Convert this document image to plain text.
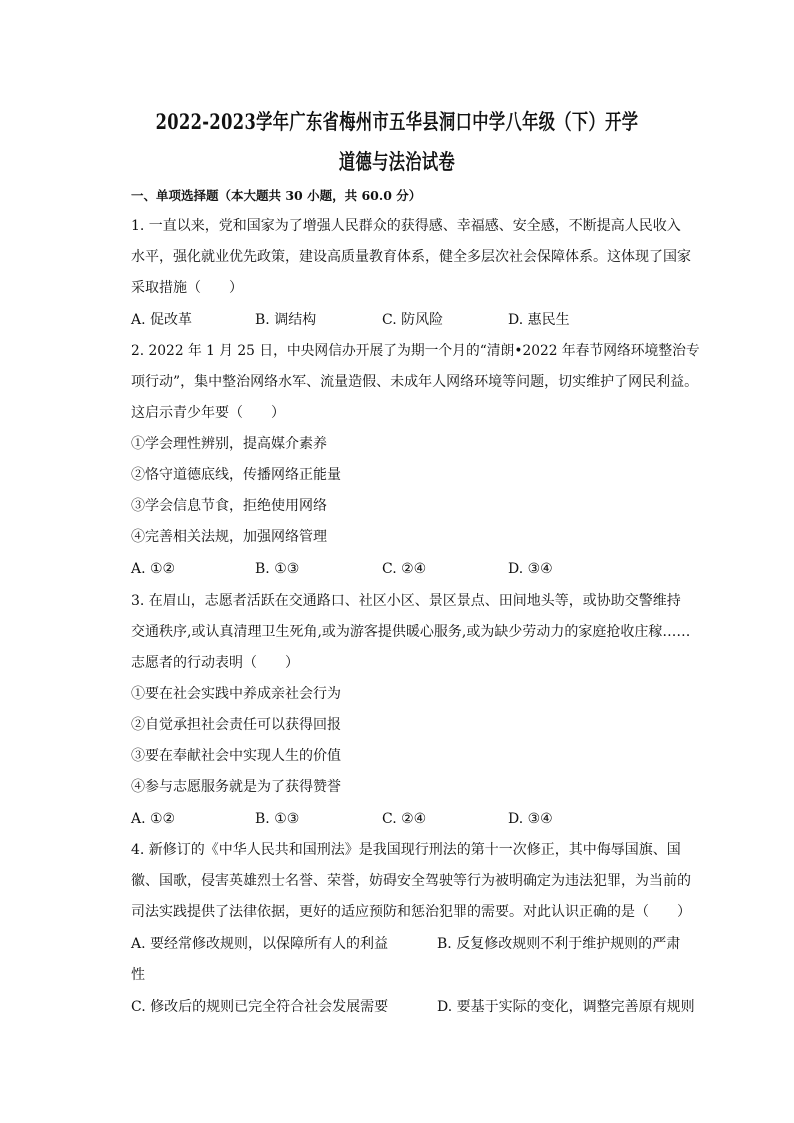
2022-2023学年广东省梅州市五华县洞口中学八年级（下）开学
道德与法治试卷
一、单项选择题（本大题共 30 小题，共 60.0 分）
1. 一直以来，党和国家为了增强人民群众的获得感、幸福感、安全感，不断提高人民收入
水平，强化就业优先政策，建设高质量教育体系，健全多层次社会保障体系。这体现了国家
采取措施（　　）
A. 促改革	B. 调结构	C. 防风险	D. 惠民生
2. 2022 年 1 月 25 日，中央网信办开展了为期一个月的“清朗•2022 年春节网络环境整治专
项行动”，集中整治网络水军、流量造假、未成年人网络环境等问题，切实维护了网民利益。
这启示青少年要（　　）
①学会理性辨别，提高媒介素养
②恪守道德底线，传播网络正能量
③学会信息节食，拒绝使用网络
④完善相关法规，加强网络管理
A. ①②	B. ①③	C. ②④	D. ③④
3. 在眉山，志愿者活跃在交通路口、社区小区、景区景点、田间地头等，或协助交警维持
交通秩序,或认真清理卫生死角,或为游客提供暖心服务,或为缺少劳动力的家庭抢收庄稼……
志愿者的行动表明（　　）
①要在社会实践中养成亲社会行为
②自觉承担社会责任可以获得回报
③要在奉献社会中实现人生的价值
④参与志愿服务就是为了获得赞誉
A. ①②	B. ①③	C. ②④	D. ③④
4. 新修订的《中华人民共和国刑法》是我国现行刑法的第十一次修正，其中侮辱国旗、国
徽、国歌，侵害英雄烈士名誉、荣誉，妨碍安全驾驶等行为被明确定为违法犯罪，为当前的
司法实践提供了法律依据，更好的适应预防和惩治犯罪的需要。对此认识正确的是（　　）
A. 要经常修改规则，以保障所有人的利益	B. 反复修改规则不利于维护规则的严肃
性
C. 修改后的规则已完全符合社会发展需要	D. 要基于实际的变化，调整完善原有规则
